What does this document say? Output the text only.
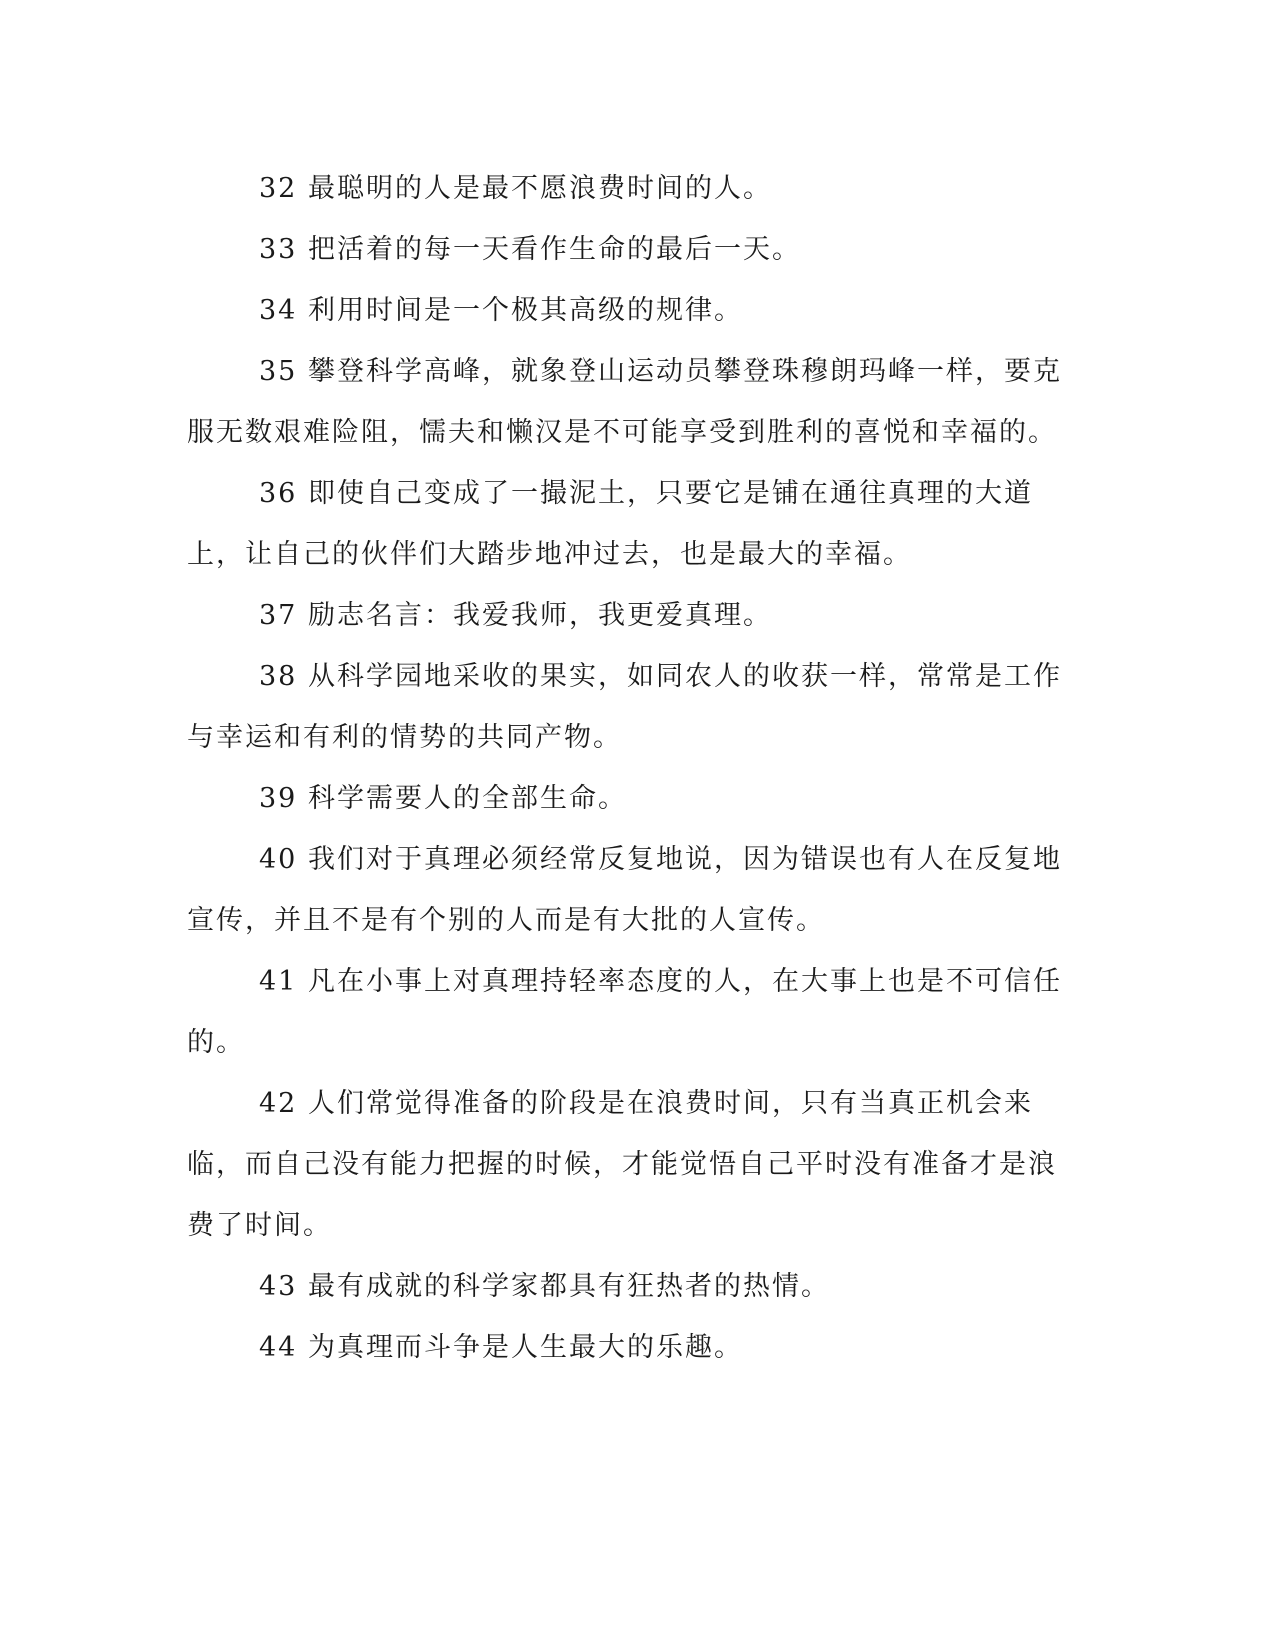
32 最聪明的人是最不愿浪费时间的人。

33 把活着的每一天看作生命的最后一天。

34 利用时间是一个极其高级的规律。

35 攀登科学高峰，就象登山运动员攀登珠穆朗玛峰一样，要克服无数艰难险阻，懦夫和懒汉是不可能享受到胜利的喜悦和幸福的。

36 即使自己变成了一撮泥土，只要它是铺在通往真理的大道上，让自己的伙伴们大踏步地冲过去，也是最大的幸福。

37 励志名言：我爱我师，我更爱真理。

38 从科学园地采收的果实，如同农人的收获一样，常常是工作与幸运和有利的情势的共同产物。

39 科学需要人的全部生命。

40 我们对于真理必须经常反复地说，因为错误也有人在反复地宣传，并且不是有个别的人而是有大批的人宣传。

41 凡在小事上对真理持轻率态度的人，在大事上也是不可信任的。

42 人们常觉得准备的阶段是在浪费时间，只有当真正机会来临，而自己没有能力把握的时候，才能觉悟自己平时没有准备才是浪费了时间。

43 最有成就的科学家都具有狂热者的热情。

44 为真理而斗争是人生最大的乐趣。
